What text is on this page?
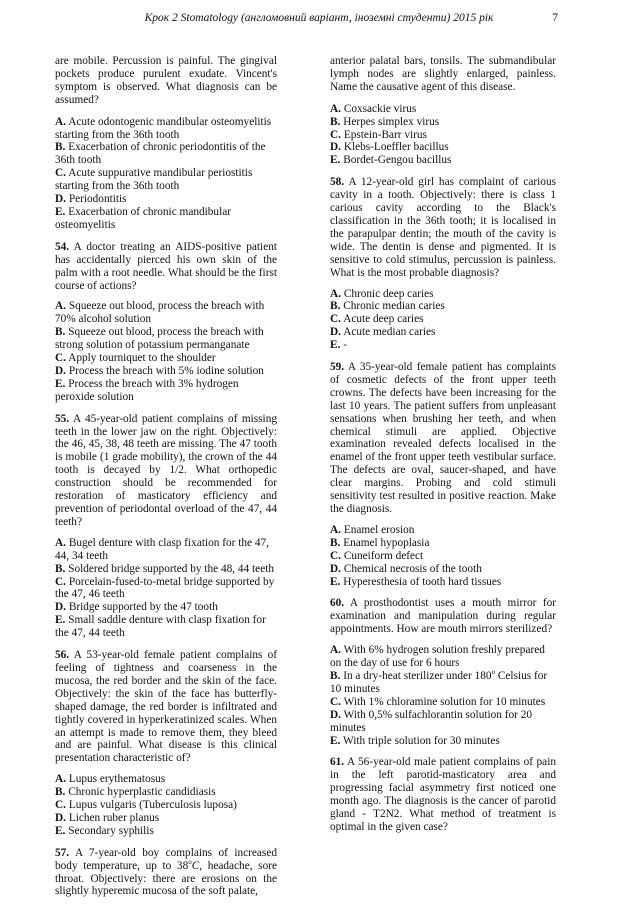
Крок 2 Stomatology (англомовний варіант, іноземні студенти) 2015 рік	7

are mobile. Percussion is painful. The gingival pockets produce purulent exudate. Vincent's symptom is observed. What diagnosis can be assumed?

A. Acute odontogenic mandibular osteomyelitis starting from the 36th tooth

B. Exacerbation of chronic periodontitis of the 36th tooth

C. Acute suppurative mandibular periostitis starting from the 36th tooth

D. Periodontitis

E. Exacerbation of chronic mandibular osteomyelitis

54. A doctor treating an AIDS-positive patient has accidentally pierced his own skin of the palm with a root needle. What should be the first course of actions?

A. Squeeze out blood, process the breach with 70% alcohol solution

B. Squeeze out blood, process the breach with strong solution of potassium permanganate

C. Apply tourniquet to the shoulder

D. Process the breach with 5% iodine solution

E. Process the breach with 3% hydrogen peroxide solution

55. A 45-year-old patient complains of missing teeth in the lower jaw on the right. Objectively: the 46, 45, 38, 48 teeth are missing. The 47 tooth is mobile (1 grade mobility), the crown of the 44 tooth is decayed by 1/2. What orthopedic construction should be recommended for restoration of masticatory efficiency and prevention of periodontal overload of the 47, 44 teeth?

A. Bugel denture with clasp fixation for the 47, 44, 34 teeth

B. Soldered bridge supported by the 48, 44 teeth

C. Porcelain-fused-to-metal bridge supported by the 47, 46 teeth

D. Bridge supported by the 47 tooth

E. Small saddle denture with clasp fixation for the 47, 44 teeth

56. A 53-year-old female patient complains of feeling of tightness and coarseness in the mucosa, the red border and the skin of the face. Objectively: the skin of the face has butterfly-shaped damage, the red border is infiltrated and tightly covered in hyperkeratinized scales. When an attempt is made to remove them, they bleed and are painful. What disease is this clinical presentation characteristic of?

A. Lupus erythematosus

B. Chronic hyperplastic candidiasis

C. Lupus vulgaris (Tuberculosis luposa)

D. Lichen ruber planus

E. Secondary syphilis

57. A 7-year-old boy complains of increased body temperature, up to 38$^o$C, headache, sore throat. Objectively: there are erosions on the slightly hyperemic mucosa of the soft palate,

anterior palatal bars, tonsils. The submandibular lymph nodes are slightly enlarged, painless. Name the causative agent of this disease.

A. Coxsackie virus

B. Herpes simplex virus

C. Epstein-Barr virus

D. Klebs-Loeffler bacillus

E. Bordet-Gengou bacillus

58. A 12-year-old girl has complaint of carious cavity in a tooth. Objectively: there is class 1 carious cavity according to the Black's classification in the 36th tooth; it is localised in the parapulpar dentin; the mouth of the cavity is wide. The dentin is dense and pigmented. It is sensitive to cold stimulus, percussion is painless. What is the most probable diagnosis?

A. Chronic deep caries

B. Chronic median caries

C. Acute deep caries

D. Acute median caries

E. -

59. A 35-year-old female patient has complaints of cosmetic defects of the front upper teeth crowns. The defects have been increasing for the last 10 years. The patient suffers from unpleasant sensations when brushing her teeth, and when chemical stimuli are applied. Objective examination revealed defects localised in the enamel of the front upper teeth vestibular surface. The defects are oval, saucer-shaped, and have clear margins. Probing and cold stimuli sensitivity test resulted in positive reaction. Make the diagnosis.

A. Enamel erosion

B. Enamel hypoplasia

C. Cuneiform defect

D. Chemical necrosis of the tooth

E. Hyperesthesia of tooth hard tissues

60. A prosthodontist uses a mouth mirror for examination and manipulation during regular appointments. How are mouth mirrors sterilized?

A. With 6% hydrogen solution freshly prepared on the day of use for 6 hours

B. In a dry-heat sterilizer under 180$^o$ Celsius for 10 minutes

C. With 1% chloramine solution for 10 minutes

D. With 0,5% sulfachlorantin solution for 20 minutes

E. With triple solution for 30 minutes

61. A 56-year-old male patient complains of pain in the left parotid-masticatory area and progressing facial asymmetry first noticed one month ago. The diagnosis is the cancer of parotid gland - T2N2. What method of treatment is optimal in the given case?
